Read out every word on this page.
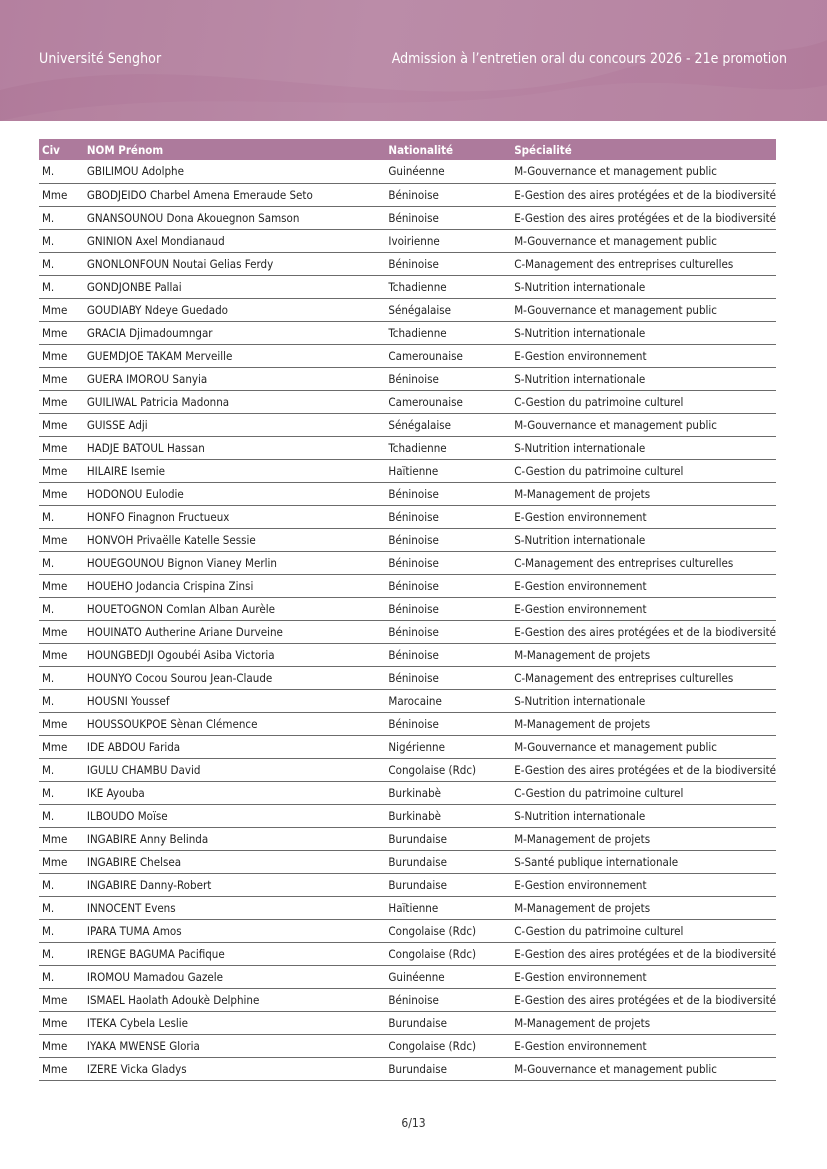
Université Senghor	Admission à l’entretien oral du concours 2026 - 21e promotion
Civ	NOM Prénom	Nationalité	Spécialité
M.	GBILIMOU Adolphe	Guinéenne	M-Gouvernance et management public
Mme	GBODJEIDO Charbel Amena Emeraude Seto	Béninoise	E-Gestion des aires protégées et de la biodiversité
M.	GNANSOUNOU Dona Akouegnon Samson	Béninoise	E-Gestion des aires protégées et de la biodiversité
M.	GNINION Axel Mondianaud	Ivoirienne	M-Gouvernance et management public
M.	GNONLONFOUN Noutai Gelias Ferdy	Béninoise	C-Management des entreprises culturelles
M.	GONDJONBE Pallai	Tchadienne	S-Nutrition internationale
Mme	GOUDIABY Ndeye Guedado	Sénégalaise	M-Gouvernance et management public
Mme	GRACIA Djimadoumngar	Tchadienne	S-Nutrition internationale
Mme	GUEMDJOE TAKAM Merveille	Camerounaise	E-Gestion environnement
Mme	GUERA IMOROU Sanyia	Béninoise	S-Nutrition internationale
Mme	GUILIWAL Patricia Madonna	Camerounaise	C-Gestion du patrimoine culturel
Mme	GUISSE Adji	Sénégalaise	M-Gouvernance et management public
Mme	HADJE BATOUL Hassan	Tchadienne	S-Nutrition internationale
Mme	HILAIRE Isemie	Haïtienne	C-Gestion du patrimoine culturel
Mme	HODONOU Eulodie	Béninoise	M-Management de projets
M.	HONFO Finagnon Fructueux	Béninoise	E-Gestion environnement
Mme	HONVOH Privaëlle Katelle Sessie	Béninoise	S-Nutrition internationale
M.	HOUEGOUNOU Bignon Vianey Merlin	Béninoise	C-Management des entreprises culturelles
Mme	HOUEHO Jodancia Crispina Zinsi	Béninoise	E-Gestion environnement
M.	HOUETOGNON Comlan Alban Aurèle	Béninoise	E-Gestion environnement
Mme	HOUINATO Autherine Ariane Durveine	Béninoise	E-Gestion des aires protégées et de la biodiversité
Mme	HOUNGBEDJI Ogoubéi Asiba Victoria	Béninoise	M-Management de projets
M.	HOUNYO Cocou Sourou Jean-Claude	Béninoise	C-Management des entreprises culturelles
M.	HOUSNI Youssef	Marocaine	S-Nutrition internationale
Mme	HOUSSOUKPOE Sènan Clémence	Béninoise	M-Management de projets
Mme	IDE ABDOU Farida	Nigérienne	M-Gouvernance et management public
M.	IGULU CHAMBU David	Congolaise (Rdc)	E-Gestion des aires protégées et de la biodiversité
M.	IKE Ayouba	Burkinabè	C-Gestion du patrimoine culturel
M.	ILBOUDO Moïse	Burkinabè	S-Nutrition internationale
Mme	INGABIRE Anny Belinda	Burundaise	M-Management de projets
Mme	INGABIRE Chelsea	Burundaise	S-Santé publique internationale
M.	INGABIRE Danny-Robert	Burundaise	E-Gestion environnement
M.	INNOCENT Evens	Haïtienne	M-Management de projets
M.	IPARA TUMA Amos	Congolaise (Rdc)	C-Gestion du patrimoine culturel
M.	IRENGE BAGUMA Pacifique	Congolaise (Rdc)	E-Gestion des aires protégées et de la biodiversité
M.	IROMOU Mamadou Gazele	Guinéenne	E-Gestion environnement
Mme	ISMAEL Haolath Adoukè Delphine	Béninoise	E-Gestion des aires protégées et de la biodiversité
Mme	ITEKA Cybela Leslie	Burundaise	M-Management de projets
Mme	IYAKA MWENSE Gloria	Congolaise (Rdc)	E-Gestion environnement
Mme	IZERE Vicka Gladys	Burundaise	M-Gouvernance et management public
6/13
